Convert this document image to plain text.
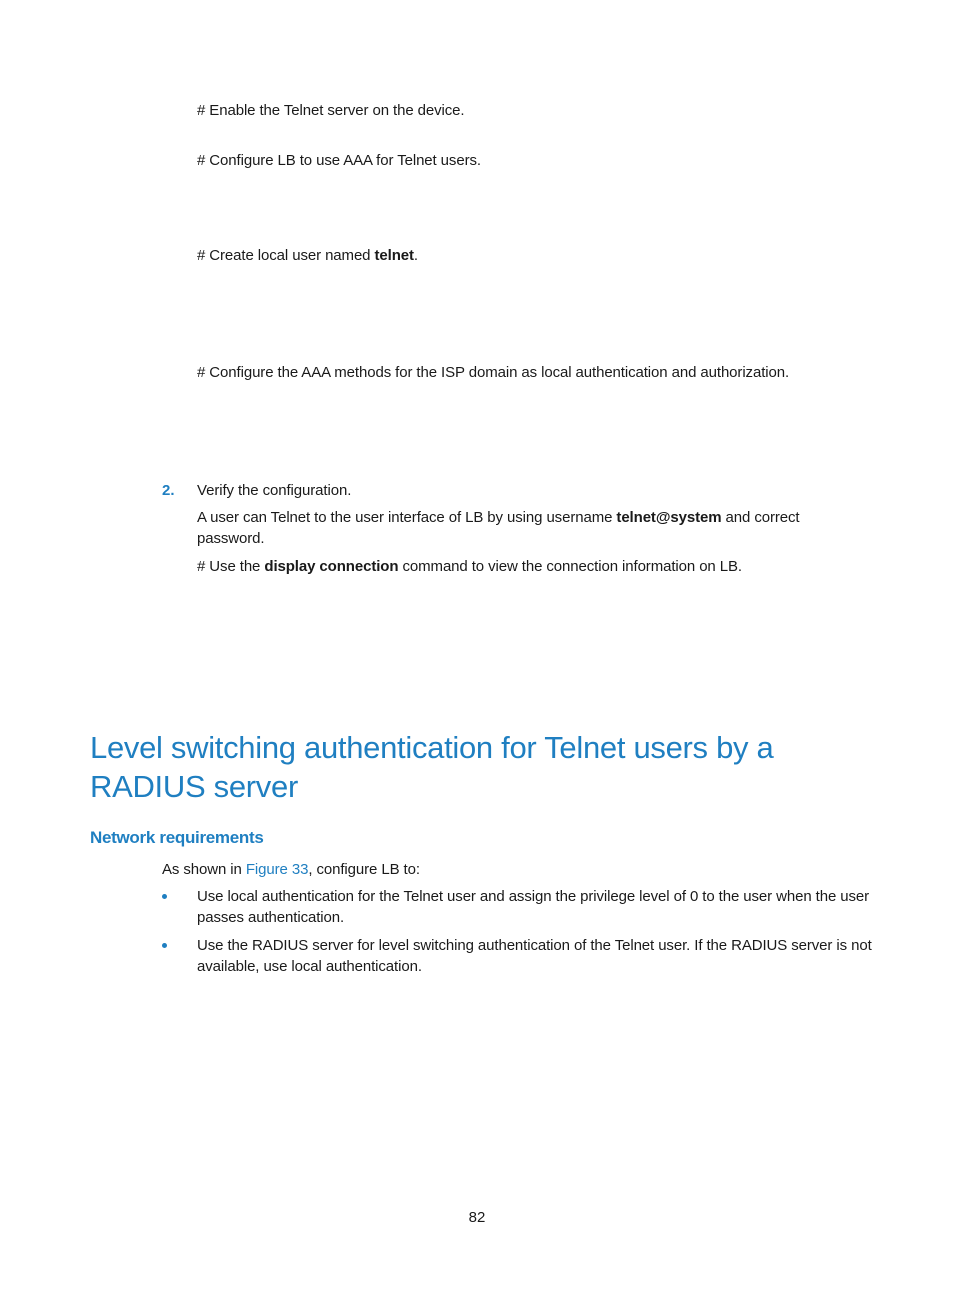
# Enable the Telnet server on the device.
# Configure LB to use AAA for Telnet users.
# Create local user named telnet.
# Configure the AAA methods for the ISP domain as local authentication and authorization.
2. Verify the configuration.
A user can Telnet to the user interface of LB by using username telnet@system and correct password.
# Use the display connection command to view the connection information on LB.
Level switching authentication for Telnet users by a RADIUS server
Network requirements
As shown in Figure 33, configure LB to:
Use local authentication for the Telnet user and assign the privilege level of 0 to the user when the user passes authentication.
Use the RADIUS server for level switching authentication of the Telnet user. If the RADIUS server is not available, use local authentication.
82
